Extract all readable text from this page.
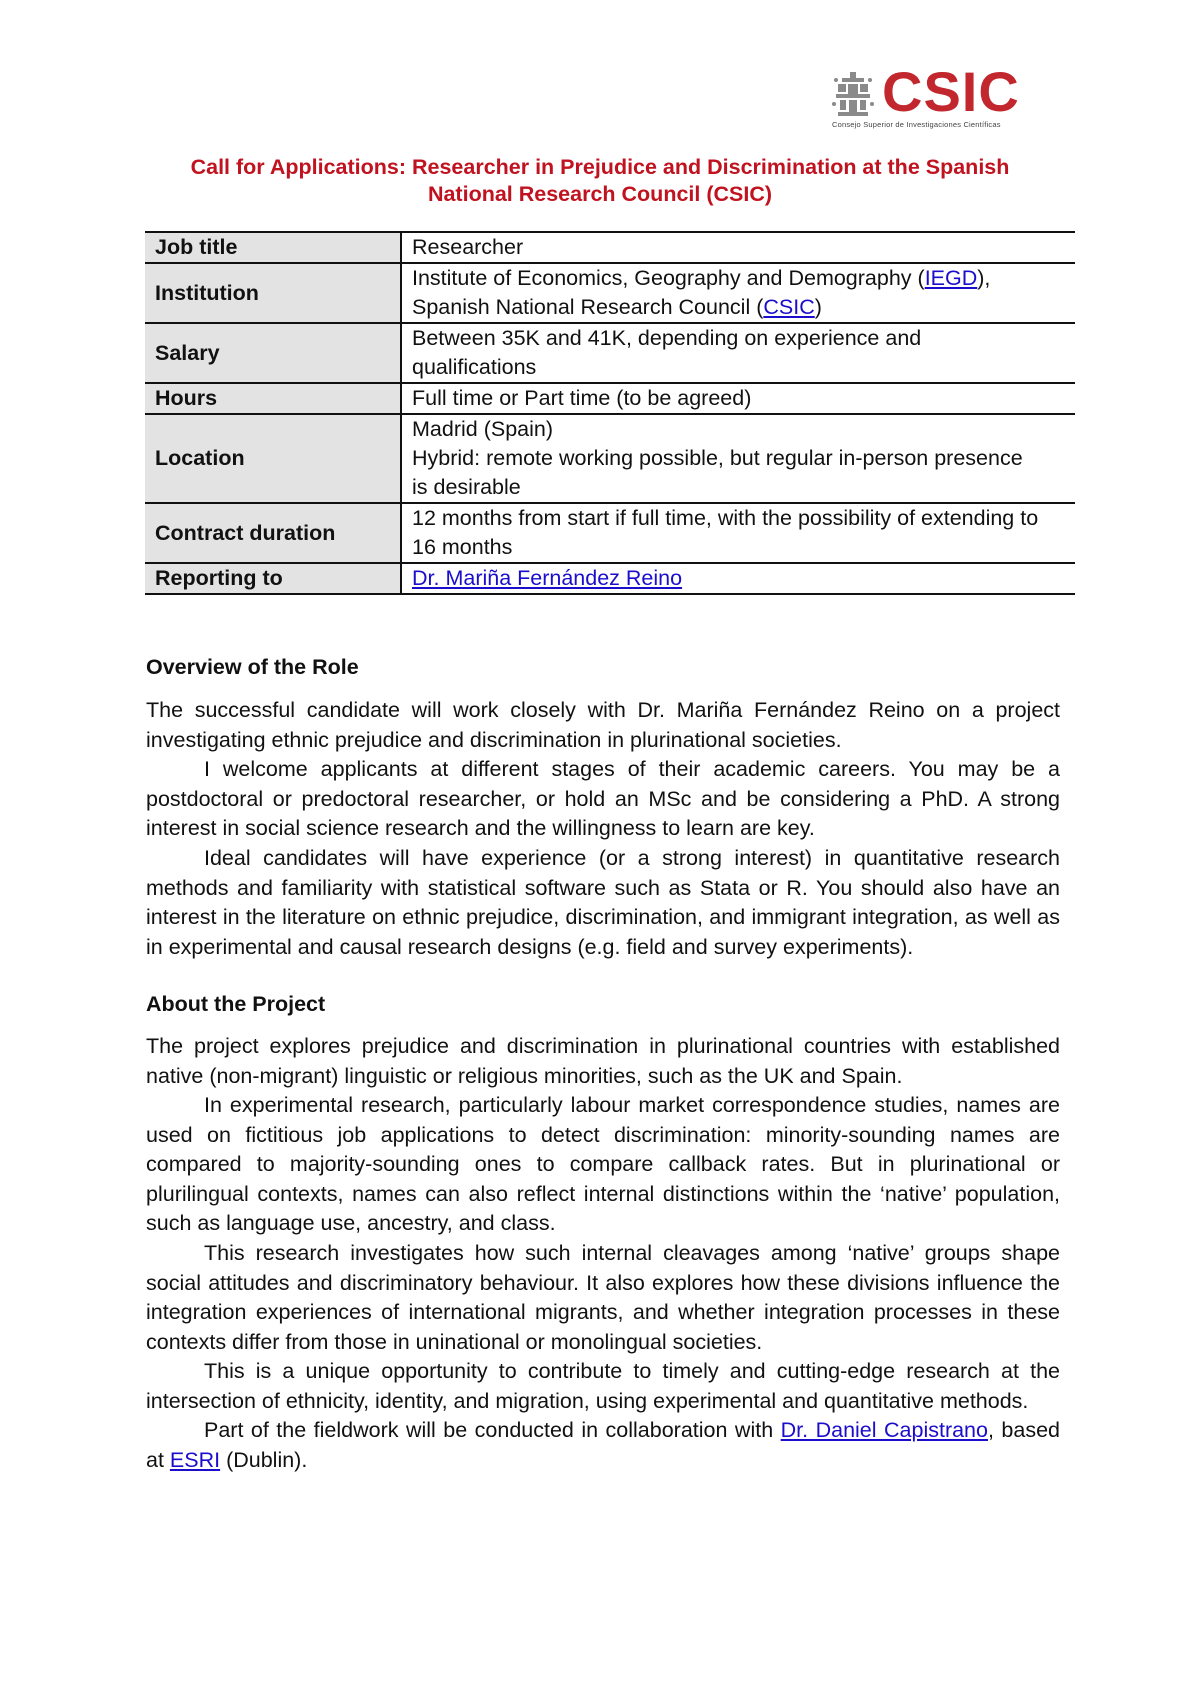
CSIC
Consejo Superior de Investigaciones Científicas
Call for Applications: Researcher in Prejudice and Discrimination at the Spanish
National Research Council (CSIC)
Job title	Researcher
Institution	Institute of Economics, Geography and Demography (IEGD),
Spanish National Research Council (CSIC)

Salary	Between 35K and 41K, depending on experience and
qualifications

Hours	Full time or Part time (to be agreed)
Location	Madrid (Spain)
Hybrid: remote working possible, but regular in-person presence
is desirable

Contract duration	12 months from start if full time, with the possibility of extending to
16 months

Reporting to	Dr. Mariña Fernández Reino
Overview of the Role
The successful candidate will work closely with Dr. Mariña Fernández Reino on a project investigating ethnic prejudice and discrimination in plurinational societies.
I welcome applicants at different stages of their academic careers. You may be a postdoctoral or predoctoral researcher, or hold an MSc and be considering a PhD. A strong interest in social science research and the willingness to learn are key.
Ideal candidates will have experience (or a strong interest) in quantitative research methods and familiarity with statistical software such as Stata or R. You should also have an interest in the literature on ethnic prejudice, discrimination, and immigrant integration, as well as in experimental and causal research designs (e.g. field and survey experiments).
About the Project
The project explores prejudice and discrimination in plurinational countries with established native (non-migrant) linguistic or religious minorities, such as the UK and Spain.
In experimental research, particularly labour market correspondence studies, names are used on fictitious job applications to detect discrimination: minority-sounding names are compared to majority-sounding ones to compare callback rates. But in plurinational or plurilingual contexts, names can also reflect internal distinctions within the ‘native’ population, such as language use, ancestry, and class.
This research investigates how such internal cleavages among ‘native’ groups shape social attitudes and discriminatory behaviour. It also explores how these divisions influence the integration experiences of international migrants, and whether integration processes in these contexts differ from those in uninational or monolingual societies.
This is a unique opportunity to contribute to timely and cutting-edge research at the intersection of ethnicity, identity, and migration, using experimental and quantitative methods.
Part of the fieldwork will be conducted in collaboration with Dr. Daniel Capistrano, based at ESRI (Dublin).
